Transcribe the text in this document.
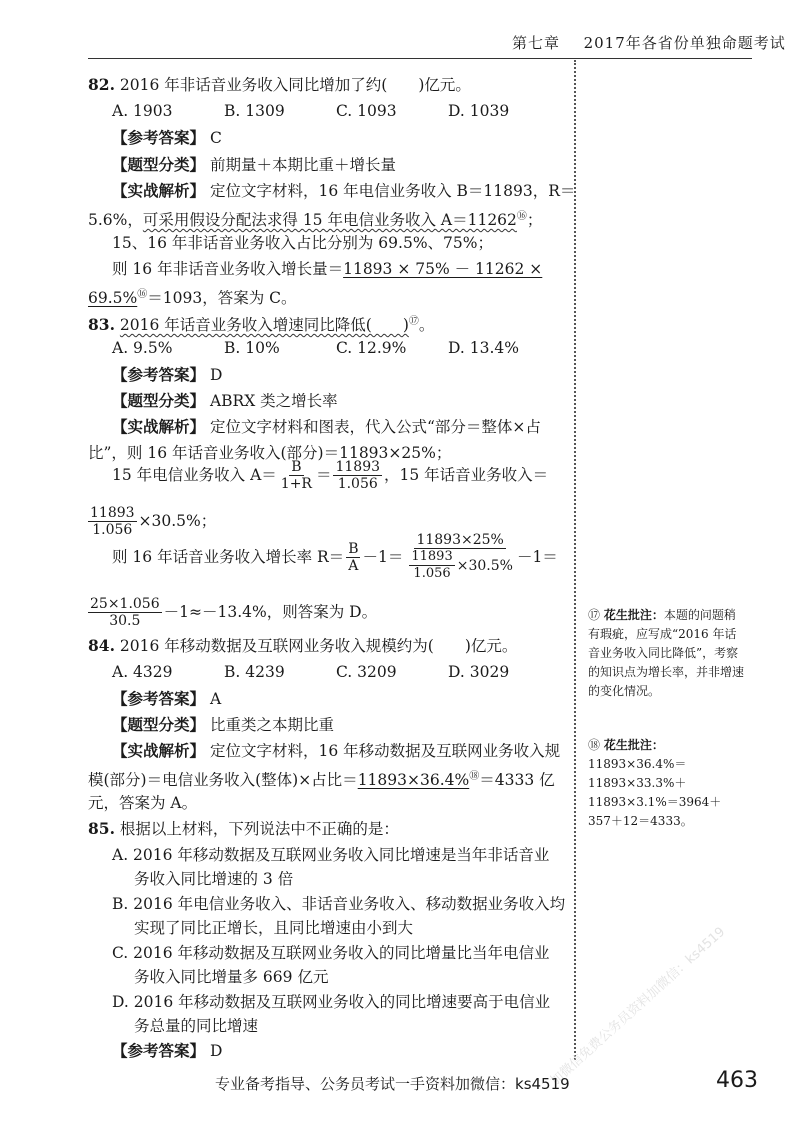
第七章 2017年各省份单独命题考试
82. 2016 年非话音业务收入同比增加了约(　　)亿元。
A. 1903	B. 1309	C. 1093	D. 1039
【参考答案】 C
【题型分类】 前期量＋本期比重＋增长量
【实战解析】 定位文字材料，16 年电信业务收入 B＝11893，R＝
5.6%，可采用假设分配法求得 15 年电信业务收入 A＝11262⑯；
15、16 年非话音业务收入占比分别为 69.5%、75%；
则 16 年非话音业务收入增长量＝11893 × 75% － 11262 ×
69.5%⑯＝1093，答案为 C。
83. 2016 年话音业务收入增速同比降低(　　)⑰。
A. 9.5%	B. 10%	C. 12.9%	D. 13.4%
【参考答案】 D
【题型分类】 ABRX 类之增长率
【实战解析】 定位文字材料和图表，代入公式“部分＝整体×占
比”，则 16 年话音业务收入(部分)＝11893×25%；
15 年电信业务收入 $A= \frac{B}{1+R} = \frac{11893}{1.056}$ ，15 年话音业务收入＝
$\frac{11893}{1.056} \times 30.5\%$；
则 16 年话音业务收入增长率 $R= \frac{B}{A} -1= \frac{11893\times 25\%}{\frac{11893}{1.056} \times 30.5\%} -1=$
$\frac{25\times 1.056}{30.5} -1\approx-13.4\%$，则答案为 D。
84. 2016 年移动数据及互联网业务收入规模约为(　　)亿元。
A. 4329	B. 4239	C. 3209	D. 3029
【参考答案】 A
【题型分类】 比重类之本期比重
【实战解析】 定位文字材料，16 年移动数据及互联网业务收入规
模(部分)＝电信业务收入(整体)×占比＝11893×36.4%⑱＝4333 亿
元，答案为 A。
85. 根据以上材料，下列说法中不正确的是：
A. 2016 年移动数据及互联网业务收入同比增速是当年非话音业
务收入同比增速的 3 倍
B. 2016 年电信业务收入、非话音业务收入、移动数据业务收入均
实现了同比正增长，且同比增速由小到大
C. 2016 年移动数据及互联网业务收入的同比增量比当年电信业
务收入同比增量多 669 亿元
D. 2016 年移动数据及互联网业务收入的同比增速要高于电信业
务总量的同比增速
【参考答案】 D
⑰ 花生批注：本题的问题稍有瑕疵，应写成“2016 年话音业务收入同比降低”，考察的知识点为增长率，并非增速的变化情况。
⑱ 花生批注：11893×36.4%＝11893×33.3%＋11893×3.1%＝3964＋357＋12＝4333。
加微信免费公务员资料加微信：ks4519
专业备考指导、公务员考试一手资料加微信：ks4519	463
